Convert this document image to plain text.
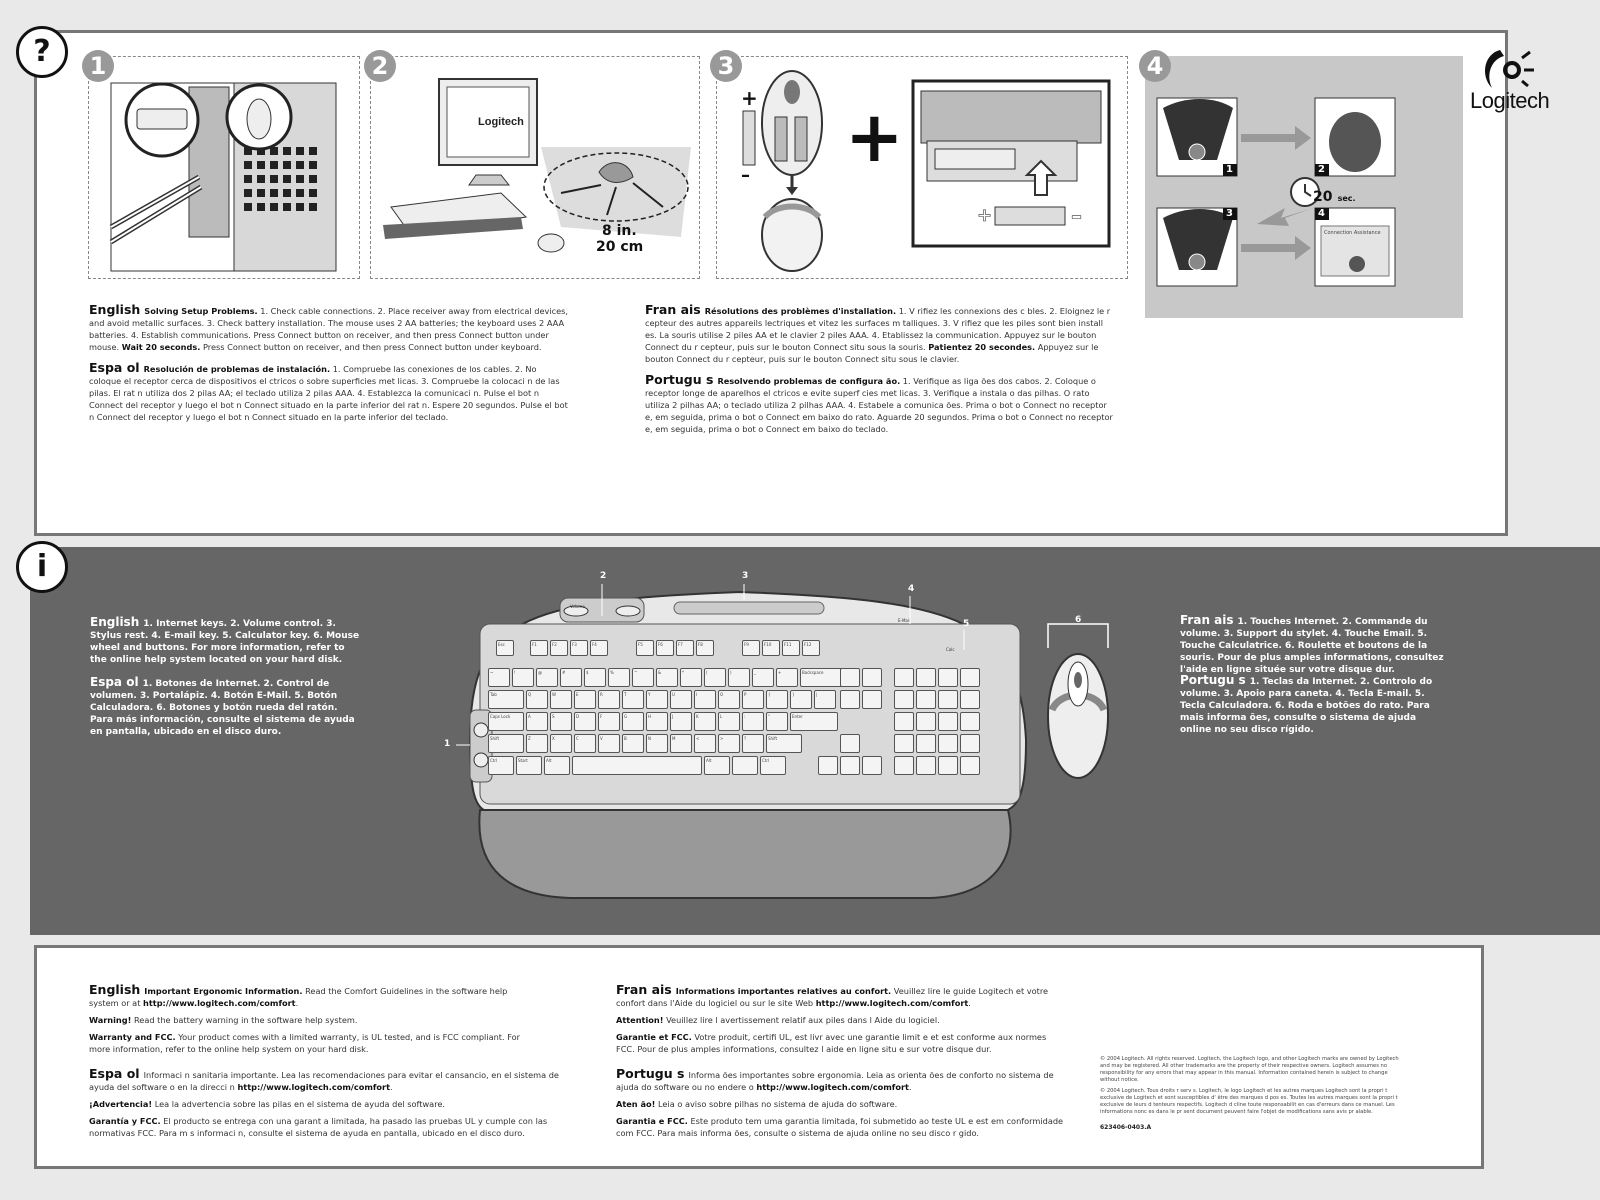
?
Logitech
1
Logitech
8 in.
20 cm
2
+
– +
+	–
3
1	2
3	4
Connection Assistance
20 sec.
4
English Solving Setup Problems. 1. Check cable connections. 2. Place receiver away from electrical devices, and avoid metallic surfaces. 3. Check battery installation. The mouse uses 2 AA batteries; the keyboard uses 2 AAA batteries. 4. Establish communications. Press Connect button on receiver, and then press Connect button under mouse. Wait 20 seconds. Press Connect button on receiver, and then press Connect button under keyboard.
Espa ol Resolución de problemas de instalación. 1. Compruebe las conexiones de los cables. 2. No coloque el receptor cerca de dispositivos el ctricos o sobre superficies met licas. 3. Compruebe la colocaci n de las pilas. El rat n utiliza dos 2 pilas AA; el teclado utiliza 2 pilas AAA. 4. Establezca la comunicaci n. Pulse el bot n Connect del receptor y luego el bot n Connect situado en la parte inferior del rat n. Espere 20 segundos. Pulse el bot n Connect del receptor y luego el bot n Connect situado en la parte inferior del teclado.
Fran ais Résolutions des problèmes d'installation. 1. V rifiez les connexions des c bles. 2. Eloignez le r cepteur des autres appareils lectriques et vitez les surfaces m talliques. 3. V rifiez que les piles sont bien install es. La souris utilise 2 piles AA et le clavier 2 piles AAA. 4. Etablissez la communication. Appuyez sur le bouton Connect du r cepteur, puis sur le bouton Connect situ sous la souris. Patientez 20 secondes. Appuyez sur le bouton Connect du r cepteur, puis sur le bouton Connect situ sous le clavier.
Portugu s Resolvendo problemas de configura ão. 1. Verifique as liga ões dos cabos. 2. Coloque o receptor longe de aparelhos el ctricos e evite superf cies met licas. 3. Verifique a instala o das pilhas. O rato utiliza 2 pilhas AA; o teclado utiliza 2 pilhas AAA. 4. Estabele a comunica ões. Prima o bot o Connect no receptor e, em seguida, prima o bot o Connect em baixo do rato. Aguarde 20 segundos. Prima o bot o Connect no receptor e, em seguida, prima o bot o Connect em baixo do teclado.
i
English 1. Internet keys. 2. Volume control. 3. Stylus rest. 4. E-mail key. 5. Calculator key. 6. Mouse wheel and buttons. For more information, refer to the online help system located on your hard disk.
Espa ol 1. Botones de Internet. 2. Control de volumen. 3. Portalápiz. 4. Botón E-Mail. 5. Botón Calculadora. 6. Botones y botón rueda del ratón. Para más información, consulte el sistema de ayuda en pantalla, ubicado en el disco duro.
Fran ais 1. Touches Internet. 2. Commande du volume. 3. Support du stylet. 4. Touche Email. 5. Touche Calculatrice. 6. Roulette et boutons de la souris. Pour de plus amples informations, consultez l'aide en ligne située sur votre disque dur.
Portugu s 1. Teclas da Internet. 2. Controlo do volume. 3. Apoio para caneta. 4. Tecla E-mail. 5. Tecla Calculadora. 6. Roda e botões do rato. Para mais informa ões, consulte o sistema de ajuda online no seu disco rígido.
Esc	F1	F2	F3	F4	F5	F6	F7	F8	F9	F10	F11	F12
~	!	@	#	$	%	^	&	*	(	)	_	+	Backspace
Tab	Q	W	E	R	T	Y	U	I	O	P	{	}	|
Caps Lock	A	S	D	F	G	H	J	K	L	:	"	Enter
Shift	Z	X	C	V	B	N	M	<	>	?	Shift
Ctrl	Start	Alt	Alt	Ctrl
Volume
E-Mail
Calc
2	3
4
5	6
1
English Important Ergonomic Information. Read the Comfort Guidelines in the software help system or at http://www.logitech.com/comfort.
Warning! Read the battery warning in the software help system.
Warranty and FCC. Your product comes with a limited warranty, is UL tested, and is FCC compliant. For more information, refer to the online help system on your hard disk.
Espa ol Informaci n sanitaria importante. Lea las recomendaciones para evitar el cansancio, en el sistema de ayuda del software o en la direcci n http://www.logitech.com/comfort.
¡Advertencia! Lea la advertencia sobre las pilas en el sistema de ayuda del software.
Garantía y FCC. El producto se entrega con una garant a limitada, ha pasado las pruebas UL y cumple con las normativas FCC. Para m s informaci n, consulte el sistema de ayuda en pantalla, ubicado en el disco duro.
Fran ais Informations importantes relatives au confort. Veuillez lire le guide Logitech et votre confort dans l'Aide du logiciel ou sur le site Web http://www.logitech.com/comfort.
Attention! Veuillez lire l avertissement relatif aux piles dans l Aide du logiciel.
Garantie et FCC. Votre produit, certifi UL, est livr avec une garantie limit e et est conforme aux normes FCC. Pour de plus amples informations, consultez l aide en ligne situ e sur votre disque dur.
Portugu s Informa ões importantes sobre ergonomia. Leia as orienta ões de conforto no sistema de ajuda do software ou no endere o http://www.logitech.com/comfort.
Aten ão! Leia o aviso sobre pilhas no sistema de ajuda do software.
Garantia e FCC. Este produto tem uma garantia limitada, foi submetido ao teste UL e est em conformidade com FCC. Para mais informa ões, consulte o sistema de ajuda online no seu disco r gido.
© 2004 Logitech. All rights reserved. Logitech, the Logitech logo, and other Logitech marks are owned by Logitech and may be registered. All other trademarks are the property of their respective owners. Logitech assumes no responsibility for any errors that may appear in this manual. Information contained herein is subject to change without notice.
© 2004 Logitech. Tous droits r serv s. Logitech, le logo Logitech et les autres marques Logitech sont la propri t exclusive de Logitech et sont susceptibles d' être des marques d pos es. Toutes les autres marques sont la propri t exclusive de leurs d tenteurs respectifs. Logitech d cline toute responsabilit en cas d'erreurs dans ce manuel. Les informations nonc es dans le pr sent document peuvent faire l'objet de modifications sans avis pr alable.
623406-0403.A
